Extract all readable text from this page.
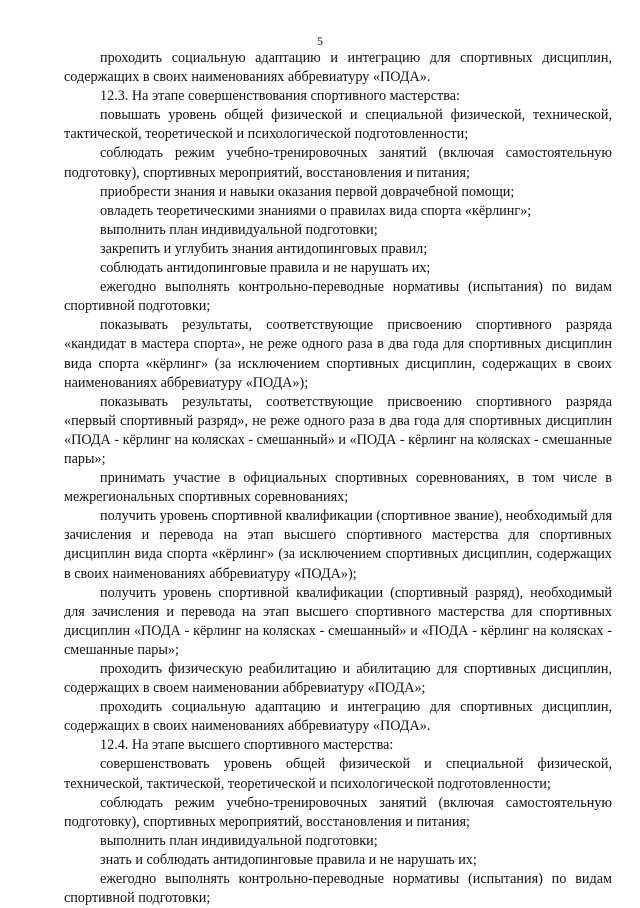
5

проходить социальную адаптацию и интеграцию для спортивных дисциплин, содержащих в своих наименованиях аббревиатуру «ПОДА».

12.3. На этапе совершенствования спортивного мастерства:

повышать уровень общей физической и специальной физической, технической, тактической, теоретической и психологической подготовленности;

соблюдать режим учебно-тренировочных занятий (включая самостоятельную подготовку), спортивных мероприятий, восстановления и питания;

приобрести знания и навыки оказания первой доврачебной помощи;

овладеть теоретическими знаниями о правилах вида спорта «кёрлинг»;

выполнить план индивидуальной подготовки;

закрепить и углубить знания антидопинговых правил;

соблюдать антидопинговые правила и не нарушать их;

ежегодно выполнять контрольно-переводные нормативы (испытания) по видам спортивной подготовки;

показывать результаты, соответствующие присвоению спортивного разряда «кандидат в мастера спорта», не реже одного раза в два года для спортивных дисциплин вида спорта «кёрлинг» (за исключением спортивных дисциплин, содержащих в своих наименованиях аббревиатуру «ПОДА»);

показывать результаты, соответствующие присвоению спортивного разряда «первый спортивный разряд», не реже одного раза в два года для спортивных дисциплин «ПОДА - кёрлинг на колясках - смешанный» и «ПОДА - кёрлинг на колясках - смешанные пары»;

принимать участие в официальных спортивных соревнованиях, в том числе в межрегиональных спортивных соревнованиях;

получить уровень спортивной квалификации (спортивное звание), необходимый для зачисления и перевода на этап высшего спортивного мастерства для спортивных дисциплин вида спорта «кёрлинг» (за исключением спортивных дисциплин, содержащих в своих наименованиях аббревиатуру «ПОДА»);

получить уровень спортивной квалификации (спортивный разряд), необходимый для зачисления и перевода на этап высшего спортивного мастерства для спортивных дисциплин «ПОДА - кёрлинг на колясках - смешанный» и «ПОДА - кёрлинг на колясках - смешанные пары»;

проходить физическую реабилитацию и абилитацию для спортивных дисциплин, содержащих в своем наименовании аббревиатуру «ПОДА»;

проходить социальную адаптацию и интеграцию для спортивных дисциплин, содержащих в своих наименованиях аббревиатуру «ПОДА».

12.4. На этапе высшего спортивного мастерства:

совершенствовать уровень общей физической и специальной физической, технической, тактической, теоретической и психологической подготовленности;

соблюдать режим учебно-тренировочных занятий (включая самостоятельную подготовку), спортивных мероприятий, восстановления и питания;

выполнить план индивидуальной подготовки;

знать и соблюдать антидопинговые правила и не нарушать их;

ежегодно выполнять контрольно-переводные нормативы (испытания) по видам спортивной подготовки;
